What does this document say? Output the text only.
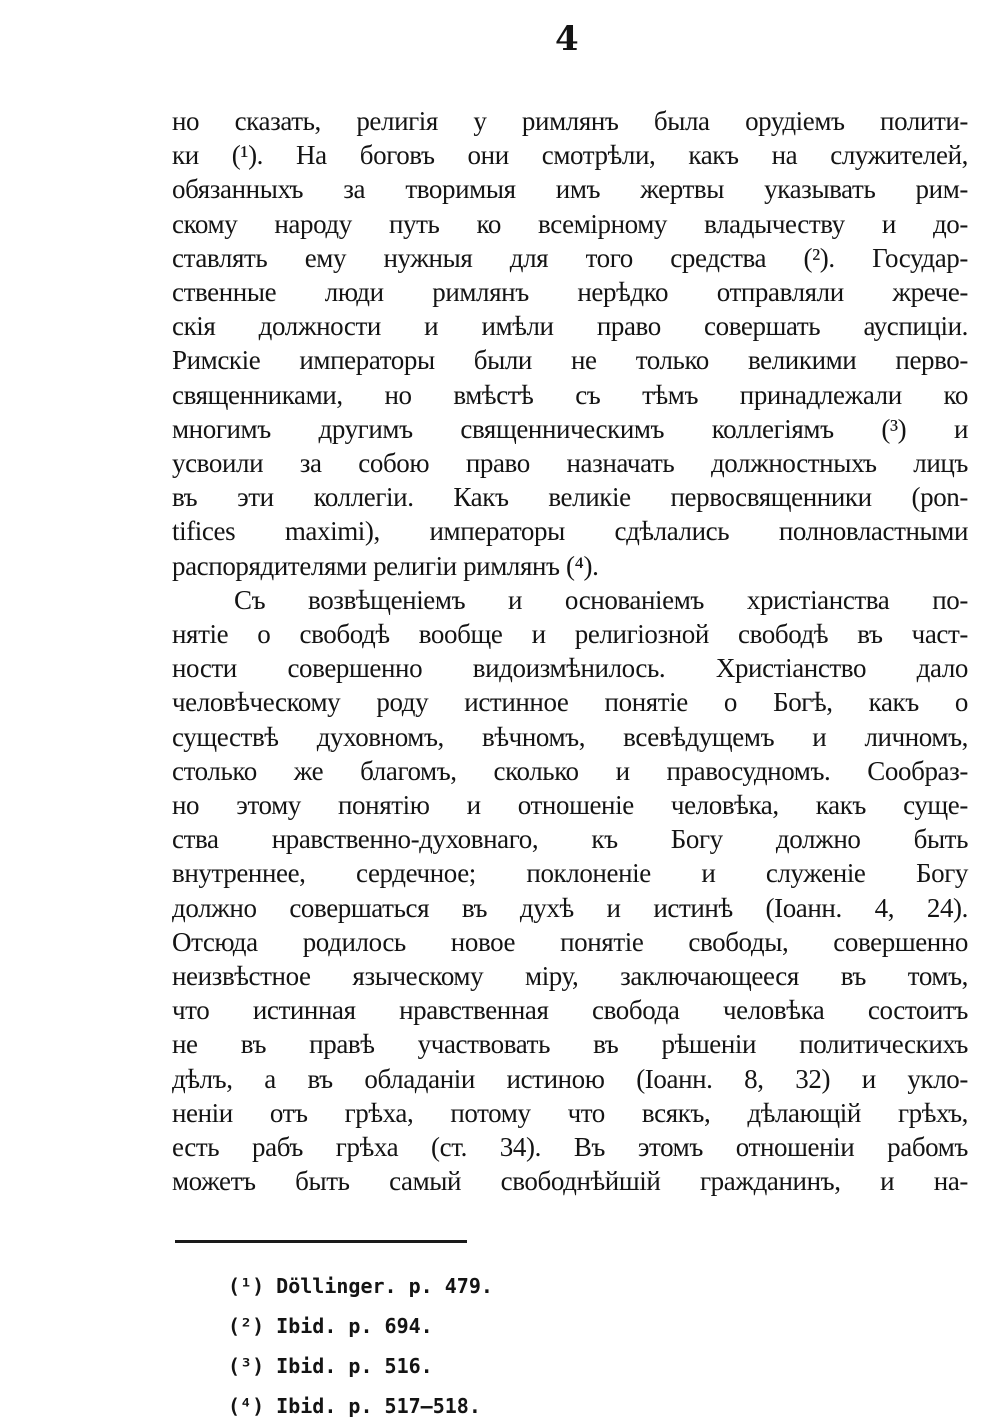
4
но сказать, религія у римлянъ была орудіемъ полити-
ки (¹). На боговъ они смотрѣли, какъ на служителей,
обязанныхъ за творимыя имъ жертвы указывать рим-
скому народу путь ко всемірному владычеству и до-
ставлять ему нужныя для того средства (²). Государ-
ственные люди римлянъ нерѣдко отправляли жрече-
скія должности и имѣли право совершать ауспиціи.
Римскіе императоры были не только великими перво-
священниками, но вмѣстѣ съ тѣмъ принадлежали ко
многимъ другимъ священническимъ коллегіямъ (³) и
усвоили за собою право назначать должностныхъ лицъ
въ эти коллегіи. Какъ великіе первосвященники (pon-
tifices maximi), императоры сдѣлались полновластными
распорядителями религіи римлянъ (⁴).
Съ возвѣщеніемъ и основаніемъ христіанства по-
нятіе о свободѣ вообще и религіозной свободѣ въ част-
ности совершенно видоизмѣнилось. Христіанство дало
человѣческому роду истинное понятіе о Богѣ, какъ о
существѣ духовномъ, вѣчномъ, всевѣдущемъ и личномъ,
столько же благомъ, сколько и правосудномъ. Сообраз-
но этому понятію и отношеніе человѣка, какъ суще-
ства нравственно-духовнаго, къ Богу должно быть
внутреннее, сердечное; поклоненіе и служеніе Богу
должно совершаться въ духѣ и истинѣ (Іоанн. 4, 24).
Отсюда родилось новое понятіе свободы, совершенно
неизвѣстное языческому міру, заключающееся въ томъ,
что истинная нравственная свобода человѣка состоитъ
не въ правѣ участвовать въ рѣшеніи политическихъ
дѣлъ, а въ обладаніи истиною (Іоанн. 8, 32) и укло-
неніи отъ грѣха, потому что всякъ, дѣлающій грѣхъ,
есть рабъ грѣха (ст. 34). Въ этомъ отношеніи рабомъ
можетъ быть самый свободнѣйшій гражданинъ, и на-
(¹) Döllinger. p. 479.
(²) Ibid. p. 694.
(³) Ibid. p. 516.
(⁴) Ibid. p. 517—518.
